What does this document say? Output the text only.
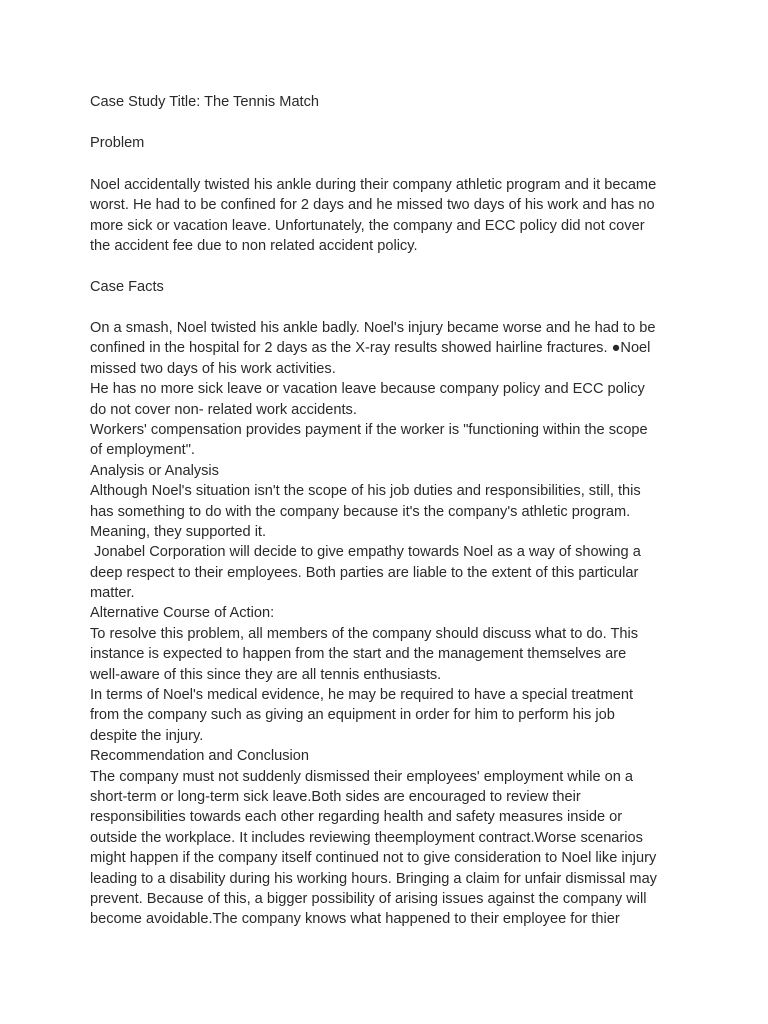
Case Study Title: The Tennis Match
Problem
Noel accidentally twisted his ankle during their company athletic program and it became
worst. He had to be confined for 2 days and he missed two days of his work and has no
more sick or vacation leave. Unfortunately, the company and ECC policy did not cover
the accident fee due to non related accident policy.
Case Facts
On a smash, Noel twisted his ankle badly. Noel's injury became worse and he had to be
confined in the hospital for 2 days as the X-ray results showed hairline fractures. ●Noel
missed two days of his work activities.
He has no more sick leave or vacation leave because company policy and ECC policy
do not cover non- related work accidents.
Workers' compensation provides payment if the worker is "functioning within the scope
of employment".
Analysis or Analysis
Although Noel's situation isn't the scope of his job duties and responsibilities, still, this
has something to do with the company because it's the company's athletic program.
Meaning, they supported it.
Jonabel Corporation will decide to give empathy towards Noel as a way of showing a
deep respect to their employees. Both parties are liable to the extent of this particular
matter.
Alternative Course of Action:
To resolve this problem, all members of the company should discuss what to do. This
instance is expected to happen from the start and the management themselves are
well-aware of this since they are all tennis enthusiasts.
In terms of Noel's medical evidence, he may be required to have a special treatment
from the company such as giving an equipment in order for him to perform his job
despite the injury.
Recommendation and Conclusion
The company must not suddenly dismissed their employees' employment while on a
short-term or long-term sick leave.Both sides are encouraged to review their
responsibilities towards each other regarding health and safety measures inside or
outside the workplace. It includes reviewing theemployment contract.Worse scenarios
might happen if the company itself continued not to give consideration to Noel like injury
leading to a disability during his working hours. Bringing a claim for unfair dismissal may
prevent. Because of this, a bigger possibility of arising issues against the company will
become avoidable.The company knows what happened to their employee for thier
